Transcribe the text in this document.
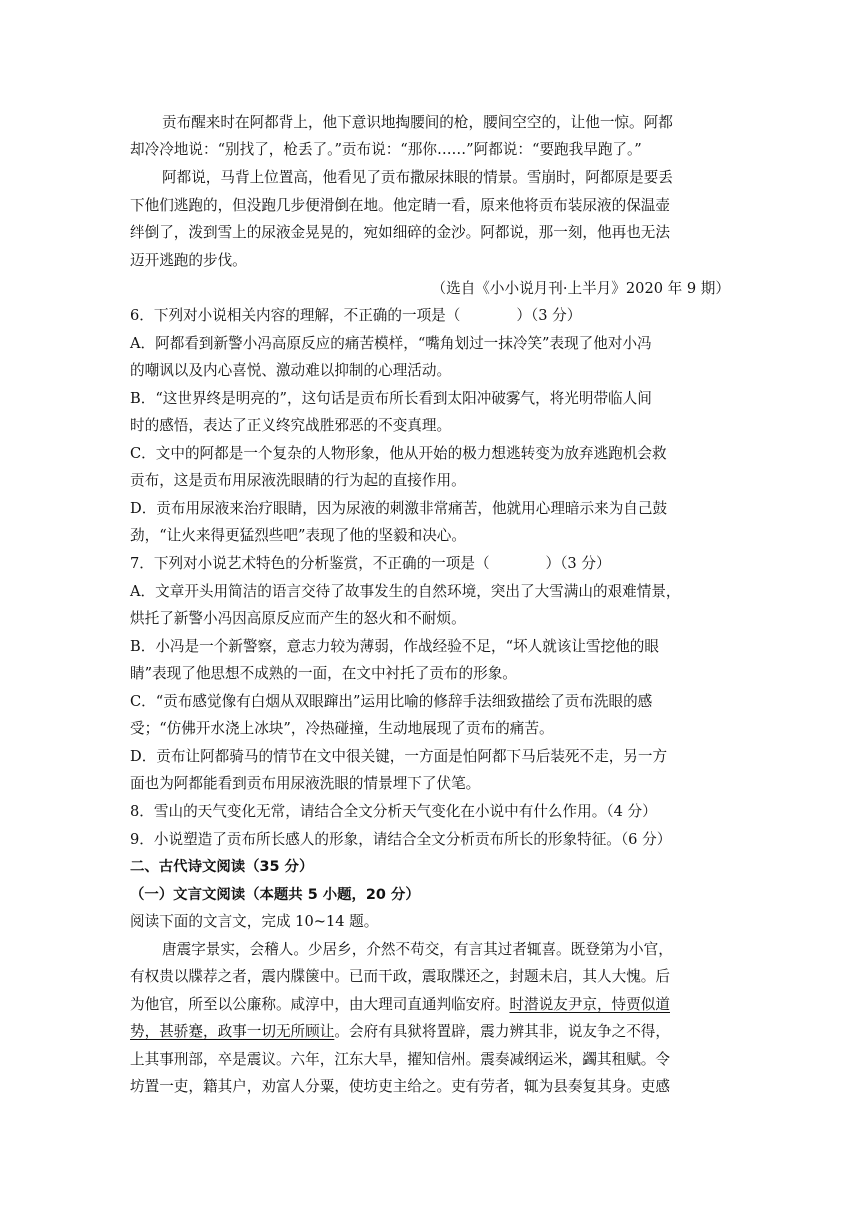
贡布醒来时在阿都背上，他下意识地掏腰间的枪，腰间空空的，让他一惊。阿都
却冷冷地说：“别找了，枪丢了。”贡布说：“那你……”阿都说：“要跑我早跑了。”
阿都说，马背上位置高，他看见了贡布撒尿抹眼的情景。雪崩时，阿都原是要丢
下他们逃跑的，但没跑几步便滑倒在地。他定睛一看，原来他将贡布装尿液的保温壶
绊倒了，泼到雪上的尿液金晃晃的，宛如细碎的金沙。阿都说，那一刻，他再也无法
迈开逃跑的步伐。
（选自《小小说月刊·上半月》2020 年 9 期）
6．下列对小说相关内容的理解，不正确的一项是（	）（3 分）
A．阿都看到新警小冯高原反应的痛苦模样，“嘴角划过一抹冷笑”表现了他对小冯
的嘲讽以及内心喜悦、激动难以抑制的心理活动。
B．“这世界终是明亮的”，这句话是贡布所长看到太阳冲破雾气，将光明带临人间
时的感悟，表达了正义终究战胜邪恶的不变真理。
C．文中的阿都是一个复杂的人物形象，他从开始的极力想逃转变为放弃逃跑机会救
贡布，这是贡布用尿液洗眼睛的行为起的直接作用。
D．贡布用尿液来治疗眼睛，因为尿液的刺激非常痛苦，他就用心理暗示来为自己鼓
劲，“让火来得更猛烈些吧”表现了他的坚毅和决心。
7．下列对小说艺术特色的分析鉴赏，不正确的一项是（	）（3 分）
A．文章开头用简洁的语言交待了故事发生的自然环境，突出了大雪满山的艰难情景，
烘托了新警小冯因高原反应而产生的怒火和不耐烦。
B．小冯是一个新警察，意志力较为薄弱，作战经验不足，“坏人就该让雪挖他的眼
睛”表现了他思想不成熟的一面，在文中衬托了贡布的形象。
C．“贡布感觉像有白烟从双眼蹿出”运用比喻的修辞手法细致描绘了贡布洗眼的感
受；“仿佛开水浇上冰块”，冷热碰撞，生动地展现了贡布的痛苦。
D．贡布让阿都骑马的情节在文中很关键，一方面是怕阿都下马后装死不走，另一方
面也为阿都能看到贡布用尿液洗眼的情景埋下了伏笔。
8．雪山的天气变化无常，请结合全文分析天气变化在小说中有什么作用。（4 分）
9．小说塑造了贡布所长感人的形象，请结合全文分析贡布所长的形象特征。（6 分）
二、古代诗文阅读（35 分）
（一）文言文阅读（本题共 5 小题，20 分）
阅读下面的文言文，完成 10~14 题。
唐震字景实，会稽人。少居乡，介然不苟交，有言其过者辄喜。既登第为小官，
有权贵以牒荐之者，震内牒箧中。已而干政，震取牒还之，封题未启，其人大愧。后
为他官，所至以公廉称。咸淳中，由大理司直通判临安府。时潜说友尹京，恃贾似道
势，甚骄蹇，政事一切无所顾让。会府有具狱将置辟，震力辨其非，说友争之不得，
上其事刑部，卒是震议。六年，江东大旱，擢知信州。震奏减纲运米，蠲其租赋。令
坊置一吏，籍其户，劝富人分粟，使坊吏主给之。吏有劳者，辄为县奏复其身。吏感
